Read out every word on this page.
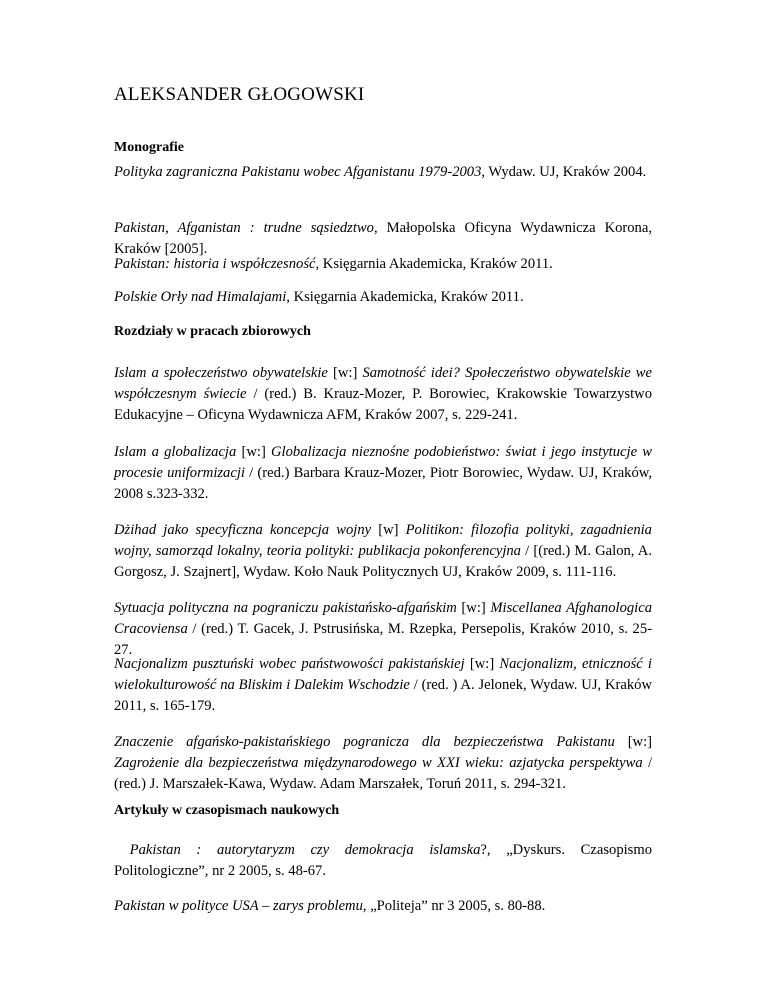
ALEKSANDER GŁOGOWSKI
Monografie
Polityka zagraniczna Pakistanu wobec Afganistanu 1979-2003, Wydaw. UJ, Kraków 2004.
Pakistan, Afganistan : trudne sąsiedztwo, Małopolska Oficyna Wydawnicza Korona, Kraków [2005].
Pakistan: historia i współczesność, Księgarnia Akademicka, Kraków 2011.
Polskie Orły nad Himalajami, Księgarnia Akademicka, Kraków 2011.
Rozdziały w pracach zbiorowych
Islam a społeczeństwo obywatelskie [w:] Samotność idei? Społeczeństwo obywatelskie we współczesnym świecie / (red.) B. Krauz-Mozer, P. Borowiec, Krakowskie Towarzystwo Edukacyjne – Oficyna Wydawnicza AFM, Kraków 2007, s. 229-241.
Islam a globalizacja [w:] Globalizacja nieznośne podobieństwo: świat i jego instytucje w procesie uniformizacji / (red.) Barbara Krauz-Mozer, Piotr Borowiec, Wydaw. UJ, Kraków, 2008 s.323-332.
Dżihad jako specyficzna koncepcja wojny [w] Politikon: filozofia polityki, zagadnienia wojny, samorząd lokalny, teoria polityki: publikacja pokonferencyjna / [(red.) M. Galon, A. Gorgosz, J. Szajnert], Wydaw. Koło Nauk Politycznych UJ, Kraków 2009, s. 111-116.
Sytuacja polityczna na pograniczu pakistańsko-afgańskim [w:] Miscellanea Afghanologica Cracoviensa / (red.) T. Gacek, J. Pstrusińska, M. Rzepka, Persepolis, Kraków 2010, s. 25-27.
Nacjonalizm pusztuński wobec państwowości pakistańskiej [w:] Nacjonalizm, etniczność i wielokulturowość na Bliskim i Dalekim Wschodzie / (red. ) A. Jelonek, Wydaw. UJ, Kraków 2011, s. 165-179.
Znaczenie afgańsko-pakistańskiego pogranicza dla bezpieczeństwa Pakistanu [w:] Zagrożenie dla bezpieczeństwa międzynarodowego w XXI wieku: azjatycka perspektywa / (red.) J. Marszałek-Kawa, Wydaw. Adam Marszałek, Toruń 2011, s. 294-321.
Artykuły w czasopismach naukowych
Pakistan : autorytaryzm czy demokracja islamska?, „Dyskurs. Czasopismo Politologiczne”, nr 2 2005, s. 48-67.
Pakistan w polityce USA – zarys problemu, „Politeja” nr 3 2005, s. 80-88.
